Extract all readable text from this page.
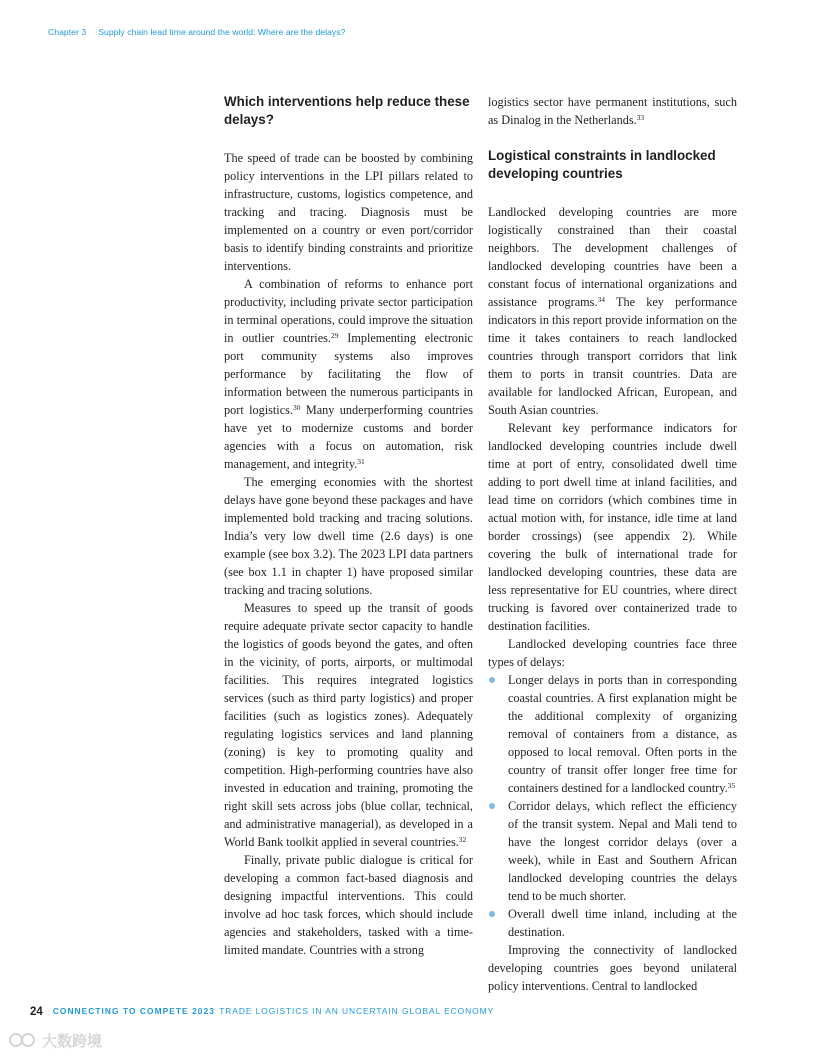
Chapter 3 Supply chain lead time around the world: Where are the delays?
Which interventions help reduce these delays?

The speed of trade can be boosted by combining policy interventions in the LPI pillars related to infrastructure, customs, logistics competence, and tracking and tracing. Diagnosis must be implemented on a country or even port/corridor basis to identify binding constraints and prioritize interventions.

A combination of reforms to enhance port productivity, including private sector participation in terminal operations, could improve the situation in outlier countries.$^{29}$ Implementing electronic port community systems also improves performance by facilitating the flow of information between the numerous participants in port logistics.$^{30}$ Many underperforming countries have yet to modernize customs and border agencies with a focus on automation, risk management, and integrity.$^{31}$

The emerging economies with the shortest delays have gone beyond these packages and have implemented bold tracking and tracing solutions. India’s very low dwell time (2.6 days) is one example (see box 3.2). The 2023 LPI data partners (see box 1.1 in chapter 1) have proposed similar tracking and tracing solutions.

Measures to speed up the transit of goods require adequate private sector capacity to handle the logistics of goods beyond the gates, and often in the vicinity, of ports, airports, or multimodal facilities. This requires integrated logistics services (such as third party logistics) and proper facilities (such as logistics zones). Adequately regulating logistics services and land planning (zoning) is key to promoting quality and competition. High-performing countries have also invested in education and training, promoting the right skill sets across jobs (blue collar, technical, and administrative managerial), as developed in a World Bank toolkit applied in several countries.$^{32}$

Finally, private public dialogue is critical for developing a common fact-based diagnosis and designing impactful interventions. This could involve ad hoc task forces, which should include agencies and stakeholders, tasked with a time-limited mandate. Countries with a strong

logistics sector have permanent institutions, such as Dinalog in the Netherlands.$^{33}$

Logistical constraints in landlocked developing countries

Landlocked developing countries are more logistically constrained than their coastal neighbors. The development challenges of landlocked developing countries have been a constant focus of international organizations and assistance programs.$^{34}$ The key performance indicators in this report provide information on the time it takes containers to reach landlocked countries through transport corridors that link them to ports in transit countries. Data are available for landlocked African, European, and South Asian countries.

Relevant key performance indicators for landlocked developing countries include dwell time at port of entry, consolidated dwell time adding to port dwell time at inland facilities, and lead time on corridors (which combines time in actual motion with, for instance, idle time at land border crossings) (see appendix 2). While covering the bulk of international trade for landlocked developing countries, these data are less representative for EU countries, where direct trucking is favored over containerized trade to destination facilities.

Landlocked developing countries face three types of delays:

Longer delays in ports than in corresponding coastal countries. A first explanation might be the additional complexity of organizing removal of containers from a distance, as opposed to local removal. Often ports in the country of transit offer longer free time for containers destined for a landlocked country.$^{35}$
Corridor delays, which reflect the efficiency of the transit system. Nepal and Mali tend to have the longest corridor delays (over a week), while in East and Southern African landlocked developing countries the delays tend to be much shorter.
Overall dwell time inland, including at the destination.

Improving the connectivity of landlocked developing countries goes beyond unilateral policy interventions. Central to landlocked

24 CONNECTING TO COMPETE 2023 TRADE LOGISTICS IN AN UNCERTAIN GLOBAL ECONOMY
大数跨境
